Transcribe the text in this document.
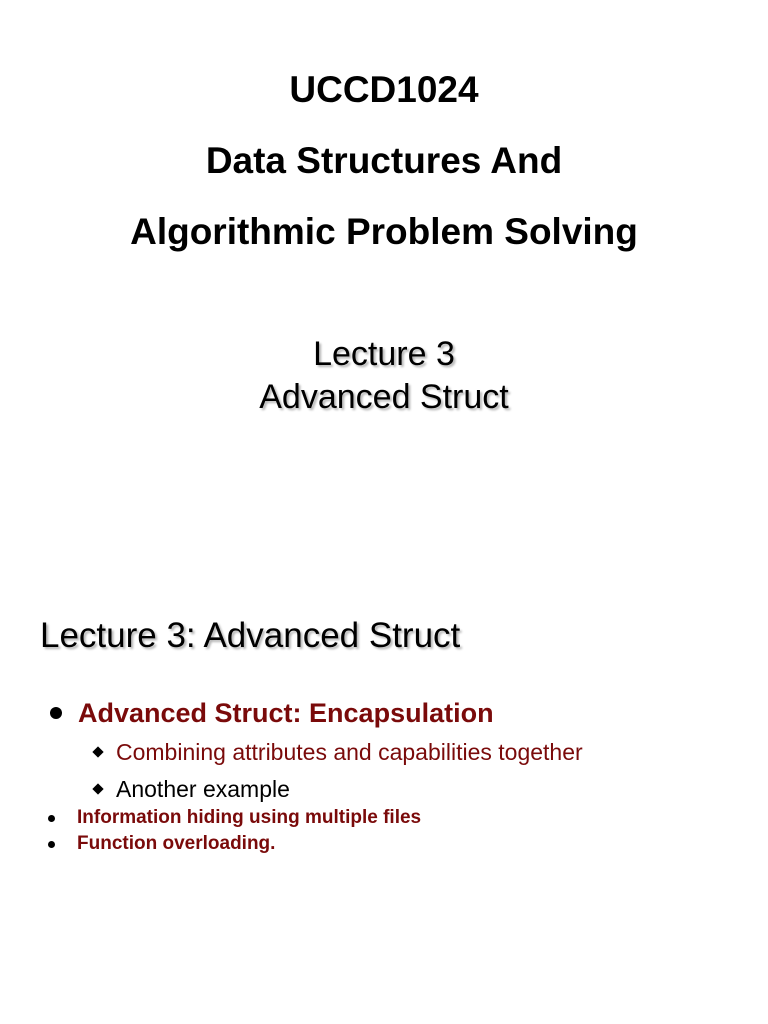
UCCD1024
Data Structures And
Algorithmic Problem Solving
Lecture 3
Advanced Struct
Lecture 3: Advanced Struct
Advanced Struct: Encapsulation
Combining attributes and capabilities together
Another example
Information hiding using multiple files
Function overloading.
